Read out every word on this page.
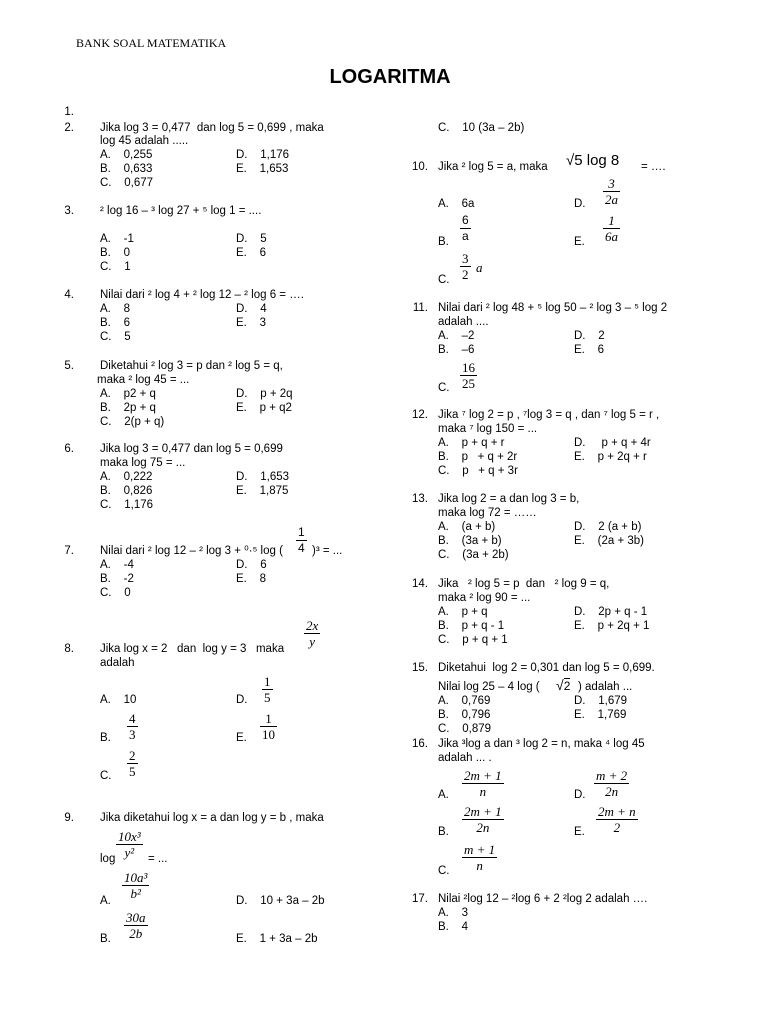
BANK SOAL MATEMATIKA
LOGARITMA
1.
2. Jika log 3 = 0,477  dan log 5 = 0,699 , maka
log 45 adalah .....
A.    0,255
B.    0,633
C.    0,677
D.    1,176
E.    1,653
3. ² log 16 – ³ log 27 + ⁵ log 1 = ....
A.    -1
B.    0
C.    1
D.    5
E.    6
4. Nilai dari ² log 4 + ² log 12 – ² log 6 = ….
A.    8
B.    6
C.    5
D.    4
E.    3
5. Diketahui ² log 3 = p dan ² log 5 = q,
maka ² log 45 = ...
A.    p2 + q
B.    2p + q
C.    2(p + q)
D.    p + 2q
E.    p + q2
6. Jika log 3 = 0,477 dan log 5 = 0,699
maka log 75 = ...
A.    0,222
B.    0,826
C.    1,176
D.    1,653
E.    1,875
7. Nilai dari ² log 12 – ² log 3 + ⁰·⁵ log (
1
4 )³ = ...
A.    -4
B.    -2
C.    0
D.    6
E.    8
8. Jika log x = 2   dan  log y = 3   maka
adalah
2x
y
A.    10
B.
4
3
C.
2
5
D.
1
5
E.
1
10
9. Jika diketahui log x = a dan log y = b , maka
log
10x³
y² = ...
A.
10a³
b²
B.
30a
2b
D.    10 + 3a – 2b
E.    1 + 3a – 2b
C.    10 (3a – 2b)
10. Jika ² log 5 = a, maka √5 log 8 = ….
A.    6a
B.
6
a
C.
3
2 a
D.
3
2a
E.
1
6a
11. Nilai dari ² log 48 + ⁵ log 50 – ² log 3 – ⁵ log 2
adalah ....
A.    –2
B.    –6
C.
16
25
D.    2
E.    6
12. Jika ⁷ log 2 = p , ⁷log 3 = q , dan ⁷ log 5 = r ,
maka ⁷ log 150 = ...
A.    p + q + r
B.    p   + q + 2r
C.    p   + q + 3r
D.     p + q + 4r
E.    p + 2q + r
13. Jika log 2 = a dan log 3 = b,
maka log 72 = ……
A.    (a + b)
B.    (3a + b)
C.    (3a + 2b)
D.    2 (a + b)
E.    (2a + 3b)
14. Jika   ² log 5 = p  dan   ² log 9 = q,
maka ² log 90 = ...
A.    p + q
B.    p + q - 1
C.    p + q + 1
D.    2p + q - 1
E.    p + 2q + 1
15. Diketahui  log 2 = 0,301 dan log 5 = 0,699.
Nilai log 25 – 4 log ( √2 ) adalah ...
A.    0,769
B.    0,796
C.    0,879
D.    1,679
E.    1,769
16. Jika ³log a dan ³ log 2 = n, maka ⁴ log 45
adalah ... .
A.
2m + 1
n
B.
2m + 1
2n
C.
m + 1
n
D.
m + 2
2n
E.
2m + n
2
17. Nilai ²log 12 – ²log 6 + 2 ²log 2 adalah ….
A.    3
B.    4
